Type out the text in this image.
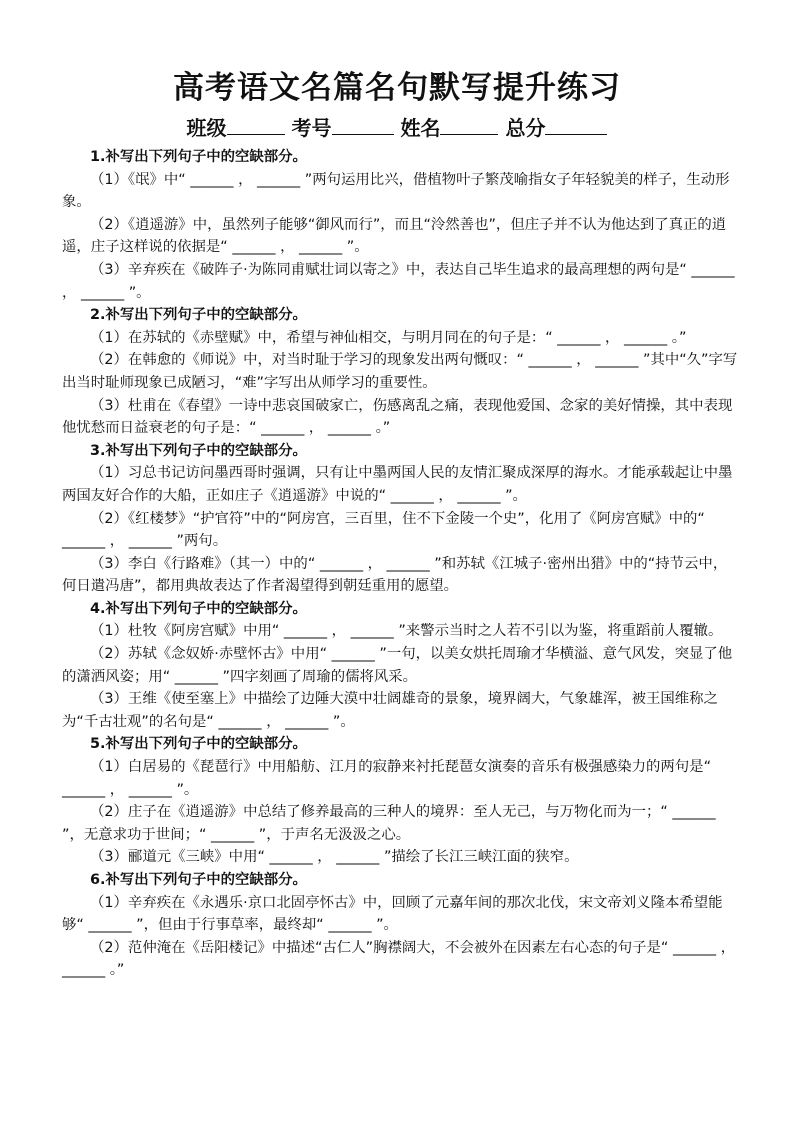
高考语文名篇名句默写提升练习
班级	考号	姓名	总分
1.补写出下列句子中的空缺部分。

（1）《氓》中“ ______ ， ______ ”两句运用比兴，借植物叶子繁茂喻指女子年轻貌美的样子，生动形象。

（2）《逍遥游》中，虽然列子能够“御风而行”，而且“泠然善也”，但庄子并不认为他达到了真正的逍遥，庄子这样说的依据是“ ______ ， ______ ”。

（3）辛弃疾在《破阵子·为陈同甫赋壮词以寄之》中，表达自己毕生追求的最高理想的两句是“ ______ ， ______ ”。

2.补写出下列句子中的空缺部分。

（1）在苏轼的《赤壁赋》中，希望与神仙相交，与明月同在的句子是：“ ______ ， ______ 。”

（2）在韩愈的《师说》中，对当时耻于学习的现象发出两句慨叹：“ ______ ， ______ ”其中“久”字写出当时耻师现象已成陋习，“难”字写出从师学习的重要性。

（3）杜甫在《春望》一诗中悲哀国破家亡，伤感离乱之痛，表现他爱国、念家的美好情操，其中表现他忧愁而日益衰老的句子是：“ ______ ， ______ 。”

3.补写出下列句子中的空缺部分。

（1）习总书记访问墨西哥时强调，只有让中墨两国人民的友情汇聚成深厚的海水。才能承载起让中墨两国友好合作的大船，正如庄子《逍遥游》中说的“ ______ ， ______ ”。

（2）《红楼梦》“护官符”中的“阿房宫，三百里，住不下金陵一个史”，化用了《阿房宫赋》中的“ ______ ， ______ ”两句。

（3）李白《行路难》（其一）中的“ ______ ， ______ ”和苏轼《江城子·密州出猎》中的“持节云中，何日遣冯唐”，都用典故表达了作者渴望得到朝廷重用的愿望。

4.补写出下列句子中的空缺部分。

（1）杜牧《阿房宫赋》中用“ ______ ， ______ ”来警示当时之人若不引以为鉴，将重蹈前人覆辙。

（2）苏轼《念奴娇·赤壁怀古》中用“ ______ ”一句，以美女烘托周瑜才华横溢、意气风发，突显了他的潇洒风姿；用“ ______ ”四字刻画了周瑜的儒将风采。

（3）王维《使至塞上》中描绘了边陲大漠中壮阔雄奇的景象，境界阔大，气象雄浑，被王国维称之为“千古壮观”的名句是“ ______ ， ______ ”。

5.补写出下列句子中的空缺部分。

（1）白居易的《琵琶行》中用船舫、江月的寂静来衬托琵琶女演奏的音乐有极强感染力的两句是“ ______ ， ______ ”。

（2）庄子在《逍遥游》中总结了修养最高的三种人的境界：至人无己，与万物化而为一；“ ______ ”，无意求功于世间；“ ______ ”，于声名无汲汲之心。

（3）郦道元《三峡》中用“ ______ ， ______ ”描绘了长江三峡江面的狭窄。

6.补写出下列句子中的空缺部分。

（1）辛弃疾在《永遇乐·京口北固亭怀古》中，回顾了元嘉年间的那次北伐，宋文帝刘义隆本希望能够“ ______ ”，但由于行事草率，最终却“ ______ ”。

（2）范仲淹在《岳阳楼记》中描述“古仁人”胸襟阔大，不会被外在因素左右心态的句子是“ ______ ， ______ 。”
